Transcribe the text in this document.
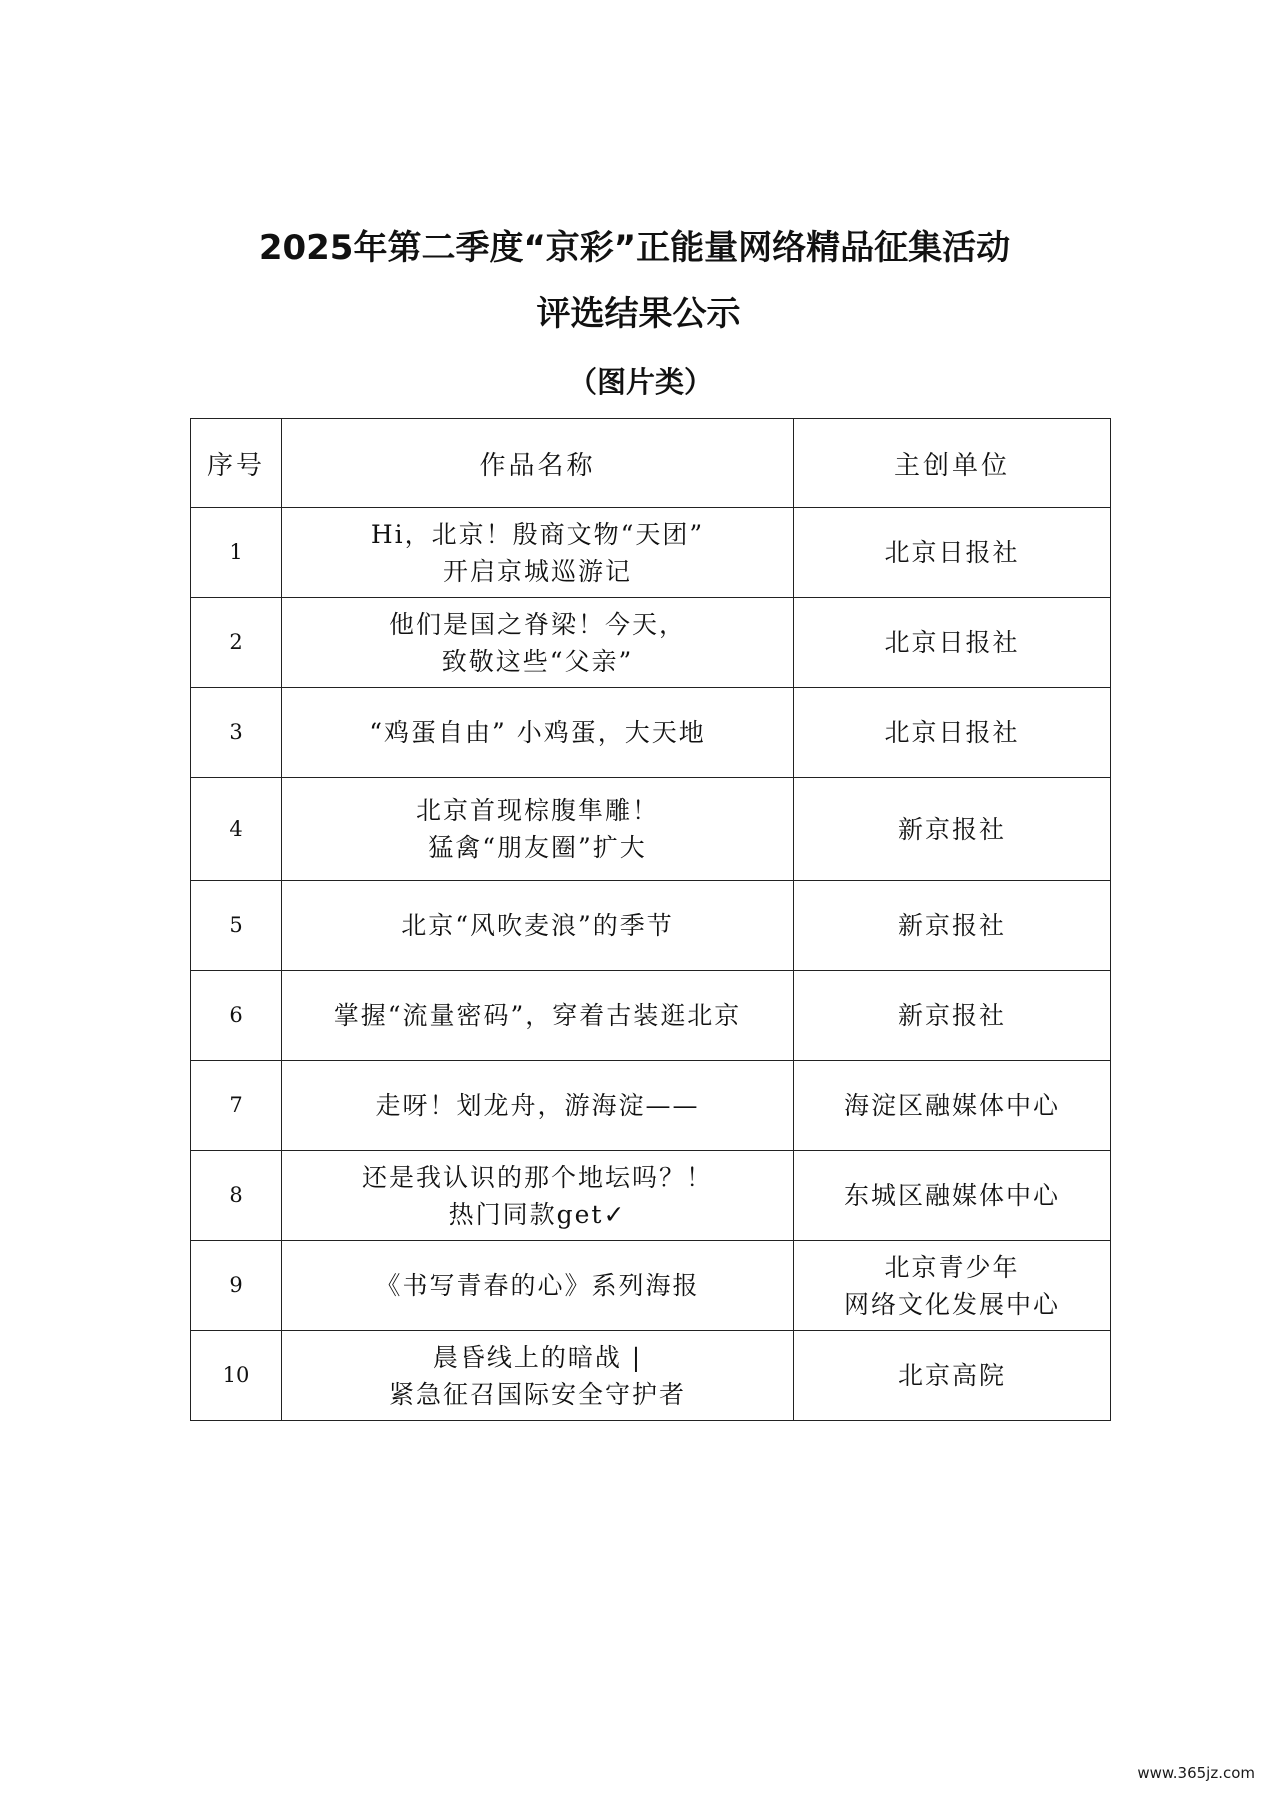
2025年第二季度“京彩”正能量网络精品征集活动
评选结果公示
（图片类）
序号	作品名称	主创单位
1	Hi，北京！殷商文物“天团”
开启京城巡游记	北京日报社

2	他们是国之脊梁！今天，
致敬这些“父亲”	北京日报社

3	“鸡蛋自由” 小鸡蛋，大天地	北京日报社

4	北京首现棕腹隼雕！
猛禽“朋友圈”扩大	新京报社

5	北京“风吹麦浪”的季节	新京报社

6	掌握“流量密码”，穿着古装逛北京	新京报社

7	走呀！划龙舟，游海淀——	海淀区融媒体中心

8	还是我认识的那个地坛吗？！
热门同款get✓	东城区融媒体中心

9	《书写青春的心》系列海报	北京青少年
网络文化发展中心

10	晨昏线上的暗战 |
紧急征召国际安全守护者	北京高院
www.365jz.com
